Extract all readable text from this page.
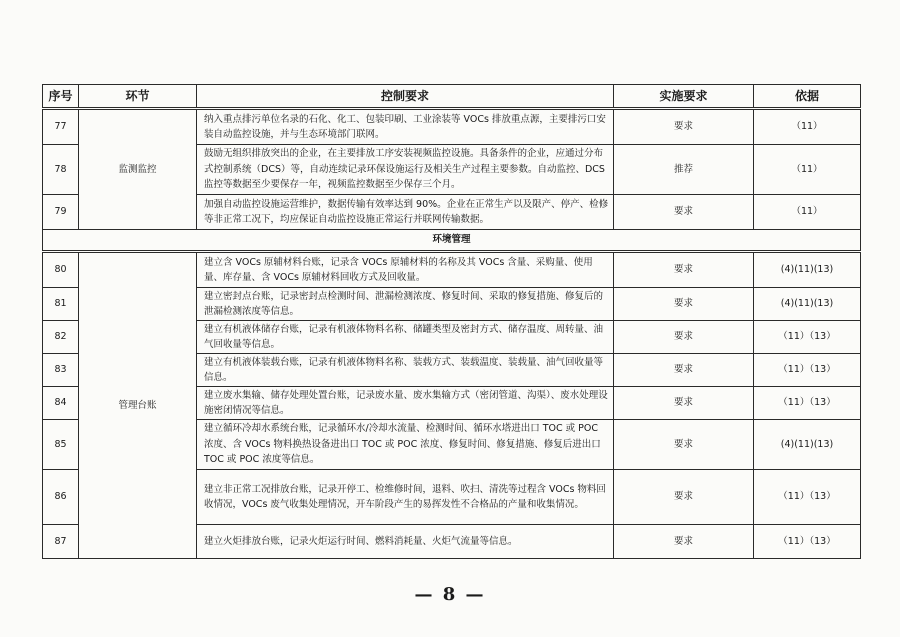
序号	环节	控制要求	实施要求	依据
77	监测监控	纳入重点排污单位名录的石化、化工、包装印刷、工业涂装等 VOCs 排放重点源，主要排污口安装自动监控设施，并与生态环境部门联网。	要求	（11）
78		鼓励无组织排放突出的企业，在主要排放工序安装视频监控设施。具备条件的企业，应通过分布式控制系统（DCS）等，自动连续记录环保设施运行及相关生产过程主要参数。自动监控、DCS 监控等数据至少要保存一年，视频监控数据至少保存三个月。	推荐	（11）
79		加强自动监控设施运营维护，数据传输有效率达到 90%。企业在正常生产以及限产、停产、检修等非正常工况下，均应保证自动监控设施正常运行并联网传输数据。	要求	（11）
环境管理				
80	管理台账	建立含 VOCs 原辅材料台账，记录含 VOCs 原辅材料的名称及其 VOCs 含量、采购量、使用量、库存量、含 VOCs 原辅材料回收方式及回收量。	要求	(4)(11)(13)
81		建立密封点台账，记录密封点检测时间、泄漏检测浓度、修复时间、采取的修复措施、修复后的泄漏检测浓度等信息。	要求	(4)(11)(13)
82		建立有机液体储存台账，记录有机液体物料名称、储罐类型及密封方式、储存温度、周转量、油气回收量等信息。	要求	（11）（13）
83		建立有机液体装载台账，记录有机液体物料名称、装载方式、装载温度、装载量、油气回收量等信息。	要求	（11）（13）
84		建立废水集输、储存处理处置台账，记录废水量、废水集输方式（密闭管道、沟渠）、废水处理设施密闭情况等信息。	要求	（11）（13）
85		建立循环冷却水系统台账，记录循环水/冷却水流量、检测时间、循环水塔进出口 TOC 或 POC 浓度、含 VOCs 物料换热设备进出口 TOC 或 POC 浓度、修复时间、修复措施、修复后进出口 TOC 或 POC 浓度等信息。	要求	(4)(11)(13)
86		建立非正常工况排放台账，记录开停工、检维修时间，退料、吹扫、清洗等过程含 VOCs 物料回收情况，VOCs 废气收集处理情况，开车阶段产生的易挥发性不合格品的产量和收集情况。	要求	（11）（13）
87		建立火炬排放台账，记录火炬运行时间、燃料消耗量、火炬气流量等信息。	要求	（11）（13）
— 8 —
